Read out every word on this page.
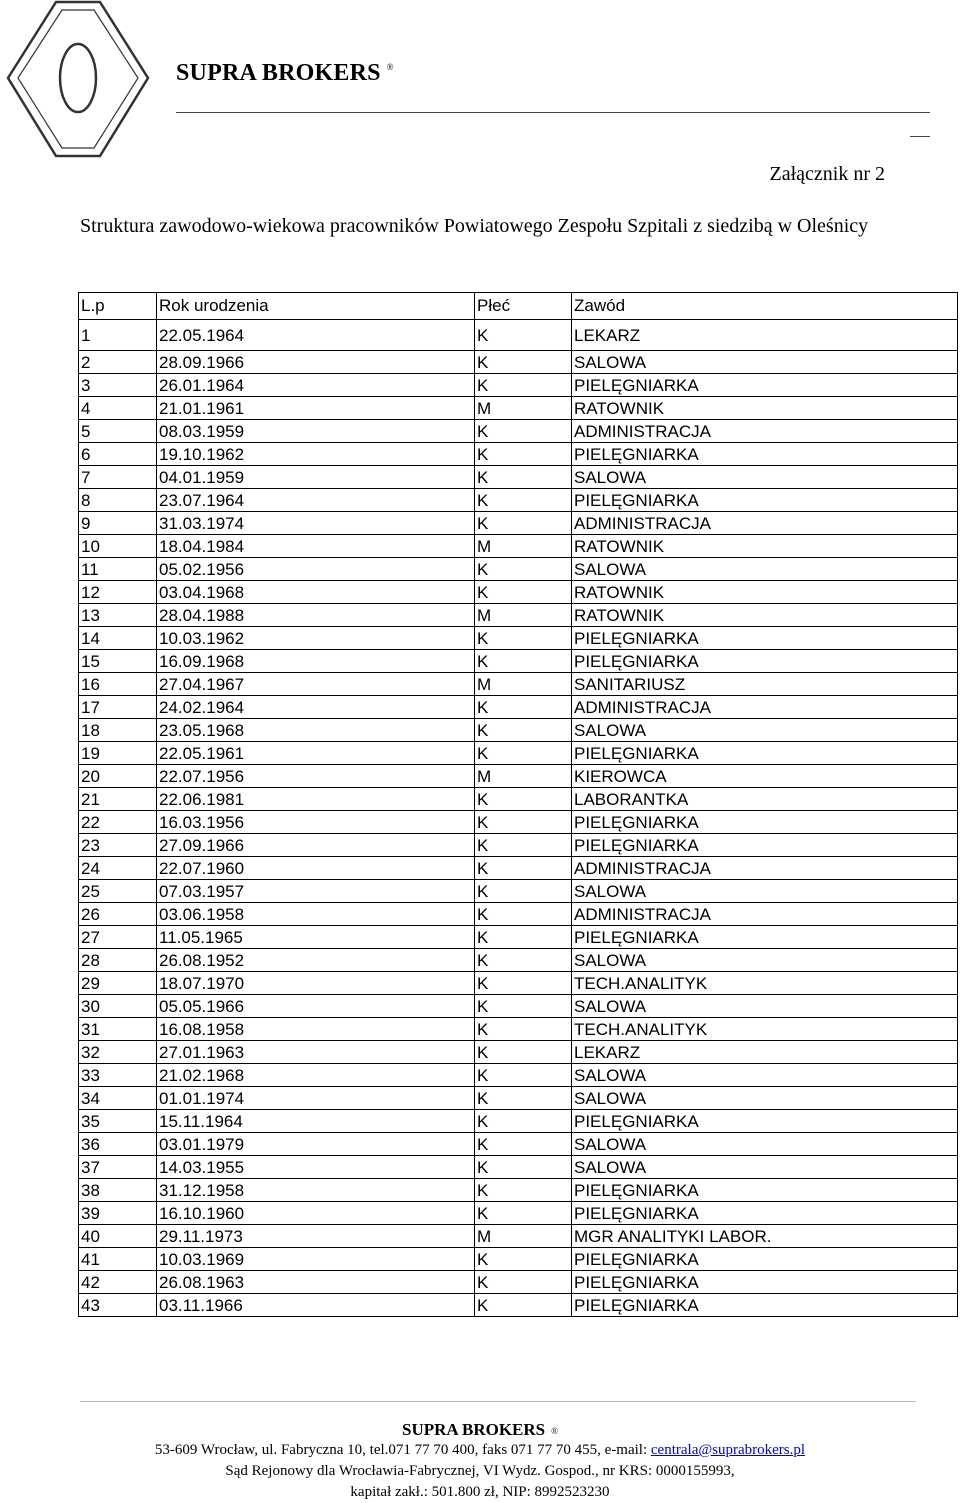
SUPRA BROKERS ®
Załącznik nr 2
Struktura zawodowo-wiekowa pracowników Powiatowego Zespołu Szpitali z siedzibą w Oleśnicy
L.p	Rok urodzenia	Płeć	Zawód
1	22.05.1964	K	LEKARZ
2	28.09.1966	K	SALOWA
3	26.01.1964	K	PIELĘGNIARKA
4	21.01.1961	M	RATOWNIK
5	08.03.1959	K	ADMINISTRACJA
6	19.10.1962	K	PIELĘGNIARKA
7	04.01.1959	K	SALOWA
8	23.07.1964	K	PIELĘGNIARKA
9	31.03.1974	K	ADMINISTRACJA
10	18.04.1984	M	RATOWNIK
11	05.02.1956	K	SALOWA
12	03.04.1968	K	RATOWNIK
13	28.04.1988	M	RATOWNIK
14	10.03.1962	K	PIELĘGNIARKA
15	16.09.1968	K	PIELĘGNIARKA
16	27.04.1967	M	SANITARIUSZ
17	24.02.1964	K	ADMINISTRACJA
18	23.05.1968	K	SALOWA
19	22.05.1961	K	PIELĘGNIARKA
20	22.07.1956	M	KIEROWCA
21	22.06.1981	K	LABORANTKA
22	16.03.1956	K	PIELĘGNIARKA
23	27.09.1966	K	PIELĘGNIARKA
24	22.07.1960	K	ADMINISTRACJA
25	07.03.1957	K	SALOWA
26	03.06.1958	K	ADMINISTRACJA
27	11.05.1965	K	PIELĘGNIARKA
28	26.08.1952	K	SALOWA
29	18.07.1970	K	TECH.ANALITYK
30	05.05.1966	K	SALOWA
31	16.08.1958	K	TECH.ANALITYK
32	27.01.1963	K	LEKARZ
33	21.02.1968	K	SALOWA
34	01.01.1974	K	SALOWA
35	15.11.1964	K	PIELĘGNIARKA
36	03.01.1979	K	SALOWA
37	14.03.1955	K	SALOWA
38	31.12.1958	K	PIELĘGNIARKA
39	16.10.1960	K	PIELĘGNIARKA
40	29.11.1973	M	MGR ANALITYKI LABOR.
41	10.03.1969	K	PIELĘGNIARKA
42	26.08.1963	K	PIELĘGNIARKA
43	03.11.1966	K	PIELĘGNIARKA
SUPRA BROKERS ®
53-609 Wrocław, ul. Fabryczna 10, tel.071 77 70 400, faks 071 77 70 455, e-mail: centrala@suprabrokers.pl
Sąd Rejonowy dla Wrocławia-Fabrycznej, VI Wydz. Gospod., nr KRS: 0000155993,
kapitał zakł.: 501.800 zł, NIP: 8992523230
